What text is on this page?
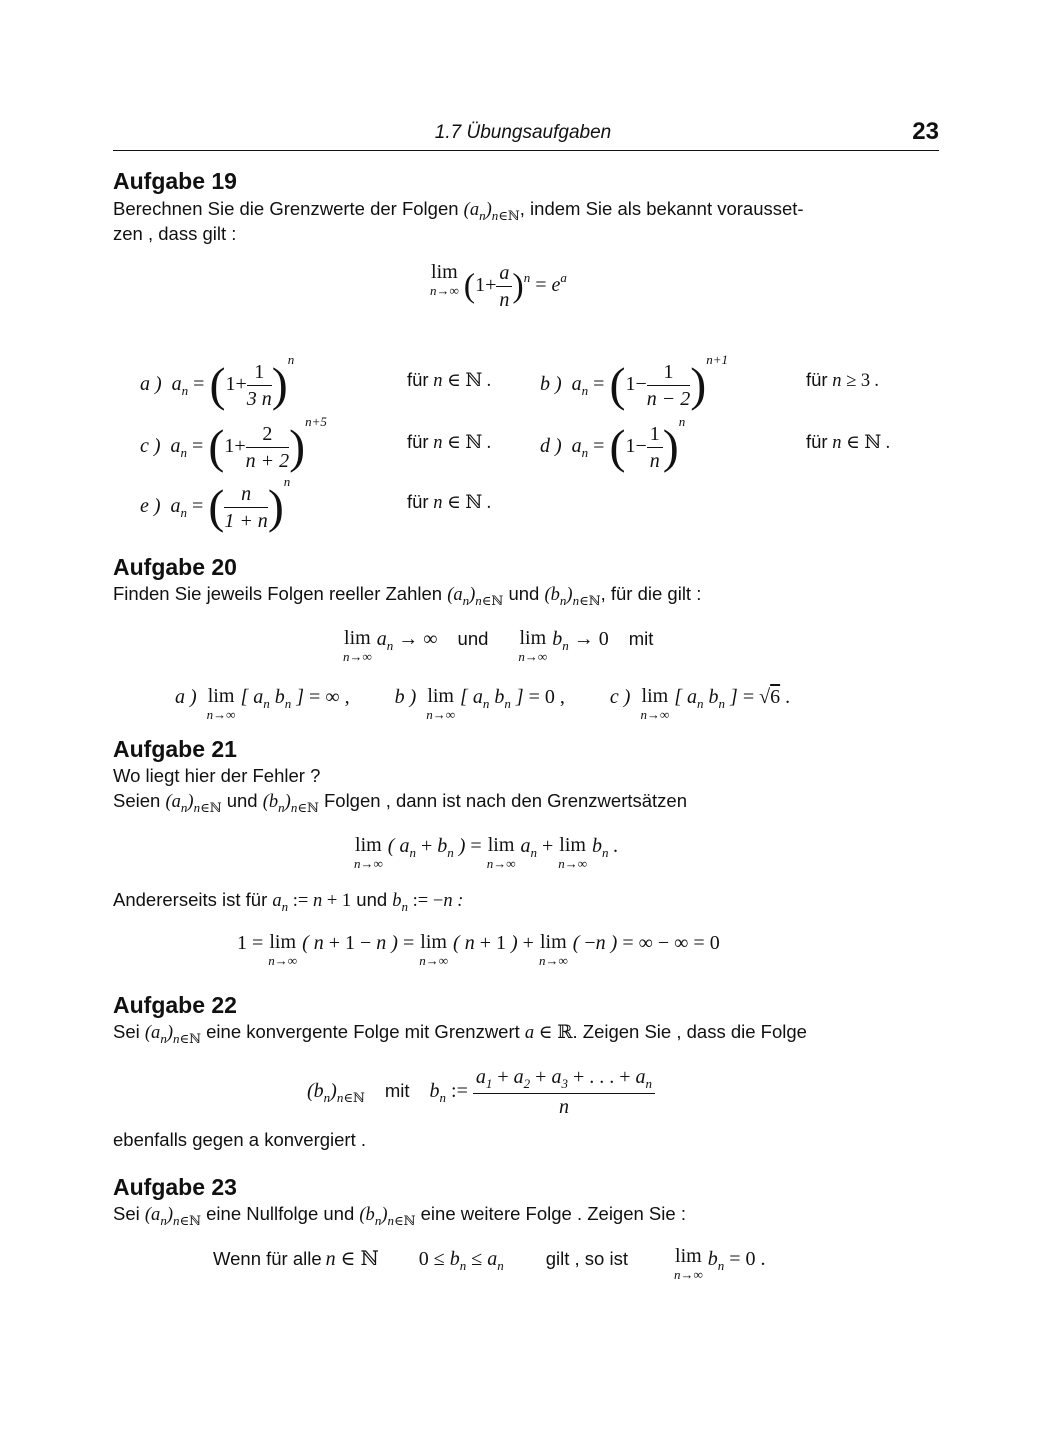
1.7 Übungsaufgaben	23
Aufgabe 19
Berechnen Sie die Grenzwerte der Folgen $(a_n)_{n\in ℕ}$, indem Sie als bekannt vorausset-
zen , dass gilt :
lim
n→∞ $(1+ \frac{a}{n} )^n = e^a$
a )  $a_n = (1+ \frac{1}{3 n} )^n$
für n ∈ ℕ . b )  $a_n = (1- \frac{1}{n - 2} )^{n+1}$
für n ≥ 3 .
c )  $a_n = (1+ \frac{2}{n + 2} )^{n+5}$
für n ∈ ℕ . d )  $a_n = (1- \frac{1}{n} )^n$
für n ∈ ℕ .
e )  $a_n$ = ( $\frac{n}{1 + n} )^n$
für n ∈ ℕ .
Aufgabe 20
Finden Sie jeweils Folgen reeller Zahlen $(a_n)_{n\in ℕ}$ und $(b_n)_{n\in ℕ}$, für die gilt :
lim
n→∞
$a_n$ → ∞ und lim
n→∞
$b_n \to 0$ mit
a ) lim
n→∞
[ $a_n$ $b_n$ ] = ∞ ,         b ) lim
n→∞
[ $a_n$ $b_n$ ] = 0 ,         c ) lim
n→∞
[ $a_n$ $b_n$ ] = √6 .
Aufgabe 21
Wo liegt hier der Fehler ?
Seien $(a_n)_{n\in ℕ}$ und $(b_n)_{n\in ℕ}$ Folgen , dann ist nach den Grenzwertsätzen
lim
n→∞
( $a_n + b_n$ ) = lim
n→∞
$a_n + \lim$
n→∞
$b_n$ .
Andererseits ist für $a_n$ := n + 1 und $b_n$ := −n :
1 = lim
n→∞
( n + 1 − n ) = lim
n→∞
( n + 1 ) + lim
n→∞
( −n ) = ∞ − ∞ = 0
Aufgabe 22
Sei $(a_n)_{n\in ℕ}$ eine konvergente Folge mit Grenzwert a ∈ ℝ. Zeigen Sie , dass die Folge
$(b_n)_{n\in ℕ}$ mit $b_n$ := $\frac{a_1 + a_2 + a_3 + . . . + a_n}{n}$
ebenfalls gegen a konvergiert .
Aufgabe 23
Sei $(a_n)_{n\in ℕ}$ eine Nullfolge und $(b_n)_{n\in ℕ}$ eine weitere Folge . Zeigen Sie :
Wenn für alle n ∈ ℕ $0 \le b_n \le a_n$ gilt , so ist lim
n→∞
$b_n = 0$ .
